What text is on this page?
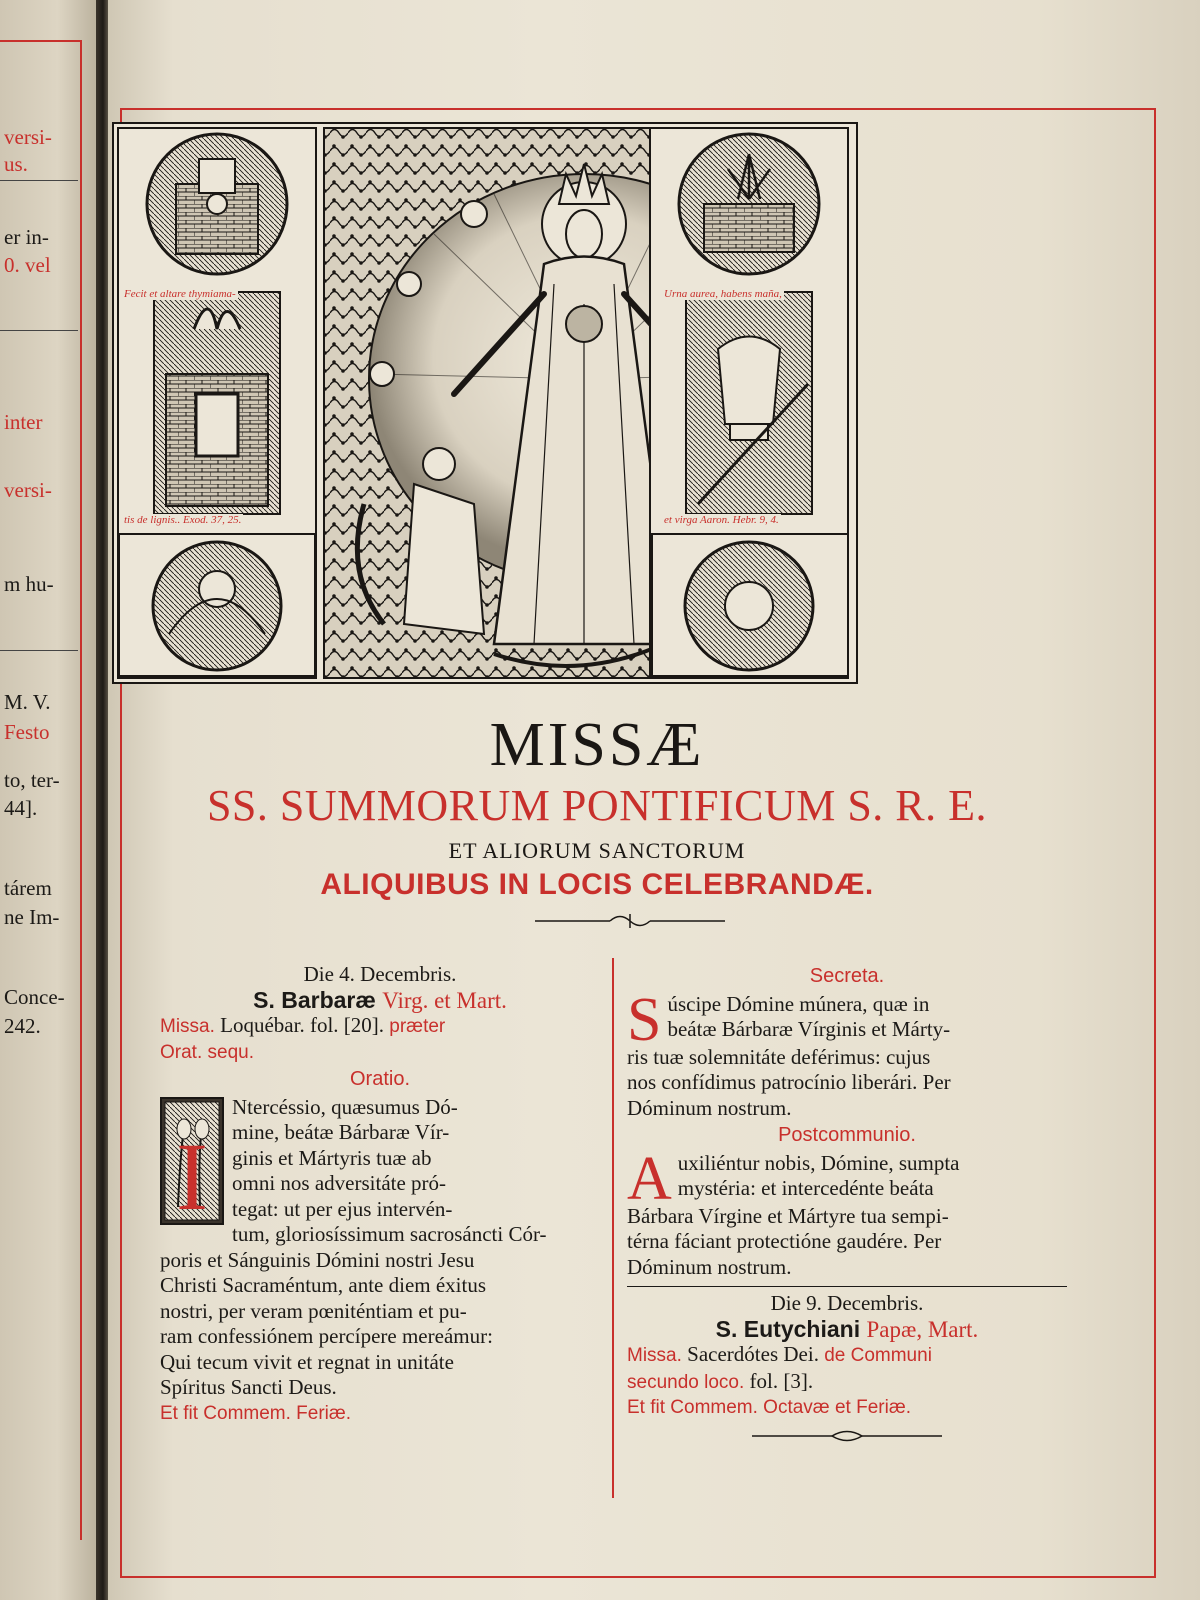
versi-
us.
er in-
0. vel
inter
versi-
m hu-
M. V.
Festo
to, ter-
44].
tárem
ne Im-
Conce-
242.
Fecit et altare thymiama-
tis de lignis.. Exod. 37, 25.
Urna aurea, habens maña,
et virga Aaron. Hebr. 9, 4.
MISSÆ
SS. SUMMORUM PONTIFICUM S. R. E.
ET ALIORUM SANCTORUM
ALIQUIBUS IN LOCIS CELEBRANDÆ.
Die 4. Decembris.
S. Barbaræ Virg. et Mart.
Missa. Loquébar. fol. [20]. præter
Orat. sequ.
Oratio.
I
Ntercéssio, quæsumus Dó-
mine, beátæ Bárbaræ Vír-
ginis et Mártyris tuæ ab
omni nos adversitáte pró-
tegat: ut per ejus intervén-
tum, gloriosíssimum sacrosáncti Cór-
poris et Sánguinis Dómini nostri Jesu
Christi Sacraméntum, ante diem éxitus
nostri, per veram pœniténtiam et pu-
ram confessiónem percípere mereámur:
Qui tecum vivit et regnat in unitáte
Spíritus Sancti Deus.
Et fit Commem. Feriæ.
Secreta.
S úscipe Dómine múnera, quæ in
beátæ Bárbaræ Vírginis et Márty-
ris tuæ solemnitáte deférimus: cujus
nos confídimus patrocínio liberári. Per
Dóminum nostrum.
Postcommunio.
A uxiliéntur nobis, Dómine, sumpta
mystéria: et intercedénte beáta
Bárbara Vírgine et Mártyre tua sempi-
térna fáciant protectióne gaudére. Per
Dóminum nostrum.
Die 9. Decembris.
S. Eutychiani Papæ, Mart.
Missa. Sacerdótes Dei. de Communi
secundo loco. fol. [3].
Et fit Commem. Octavæ et Feriæ.
